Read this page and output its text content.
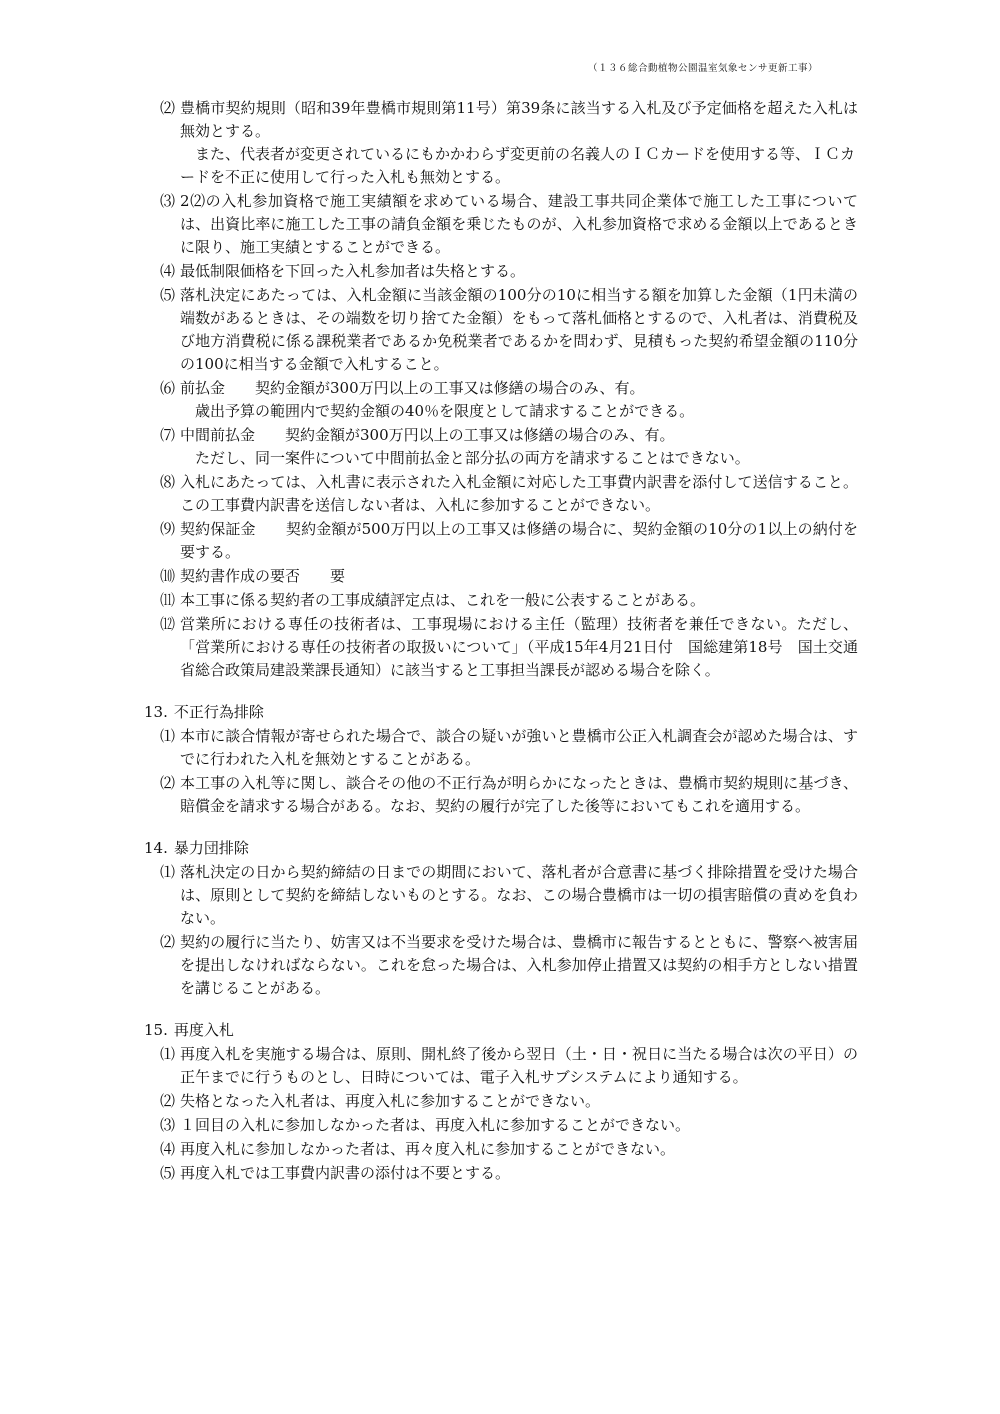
（１３６総合動植物公園温室気象センサ更新工事）
⑵ 豊橋市契約規則（昭和39年豊橋市規則第11号）第39条に該当する入札及び予定価格を超えた入札は無効とする。
また、代表者が変更されているにもかかわらず変更前の名義人のＩＣカードを使用する等、ＩＣカードを不正に使用して行った入札も無効とする。
⑶ 2⑵の入札参加資格で施工実績額を求めている場合、建設工事共同企業体で施工した工事については、出資比率に施工した工事の請負金額を乗じたものが、入札参加資格で求める金額以上であるときに限り、施工実績とすることができる。
⑷ 最低制限価格を下回った入札参加者は失格とする。
⑸ 落札決定にあたっては、入札金額に当該金額の100分の10に相当する額を加算した金額（1円未満の端数があるときは、その端数を切り捨てた金額）をもって落札価格とするので、入札者は、消費税及び地方消費税に係る課税業者であるか免税業者であるかを問わず、見積もった契約希望金額の110分の100に相当する金額で入札すること。
⑹ 前払金　　契約金額が300万円以上の工事又は修繕の場合のみ、有。
歳出予算の範囲内で契約金額の40％を限度として請求することができる。
⑺ 中間前払金　　契約金額が300万円以上の工事又は修繕の場合のみ、有。
ただし、同一案件について中間前払金と部分払の両方を請求することはできない。
⑻ 入札にあたっては、入札書に表示された入札金額に対応した工事費内訳書を添付して送信すること。この工事費内訳書を送信しない者は、入札に参加することができない。
⑼ 契約保証金　　契約金額が500万円以上の工事又は修繕の場合に、契約金額の10分の1以上の納付を要する。
⑽ 契約書作成の要否　　要
⑾ 本工事に係る契約者の工事成績評定点は、これを一般に公表することがある。
⑿ 営業所における専任の技術者は、工事現場における主任（監理）技術者を兼任できない。ただし、「営業所における専任の技術者の取扱いについて」（平成15年4月21日付　国総建第18号　国土交通省総合政策局建設業課長通知）に該当すると工事担当課長が認める場合を除く。
13. 不正行為排除
⑴ 本市に談合情報が寄せられた場合で、談合の疑いが強いと豊橋市公正入札調査会が認めた場合は、すでに行われた入札を無効とすることがある。
⑵ 本工事の入札等に関し、談合その他の不正行為が明らかになったときは、豊橋市契約規則に基づき、賠償金を請求する場合がある。なお、契約の履行が完了した後等においてもこれを適用する。
14. 暴力団排除
⑴ 落札決定の日から契約締結の日までの期間において、落札者が合意書に基づく排除措置を受けた場合は、原則として契約を締結しないものとする。なお、この場合豊橋市は一切の損害賠償の責めを負わない。
⑵ 契約の履行に当たり、妨害又は不当要求を受けた場合は、豊橋市に報告するとともに、警察へ被害届を提出しなければならない。これを怠った場合は、入札参加停止措置又は契約の相手方としない措置を講じることがある。
15. 再度入札
⑴ 再度入札を実施する場合は、原則、開札終了後から翌日（土・日・祝日に当たる場合は次の平日）の正午までに行うものとし、日時については、電子入札サブシステムにより通知する。
⑵ 失格となった入札者は、再度入札に参加することができない。
⑶ １回目の入札に参加しなかった者は、再度入札に参加することができない。
⑷ 再度入札に参加しなかった者は、再々度入札に参加することができない。
⑸ 再度入札では工事費内訳書の添付は不要とする。
